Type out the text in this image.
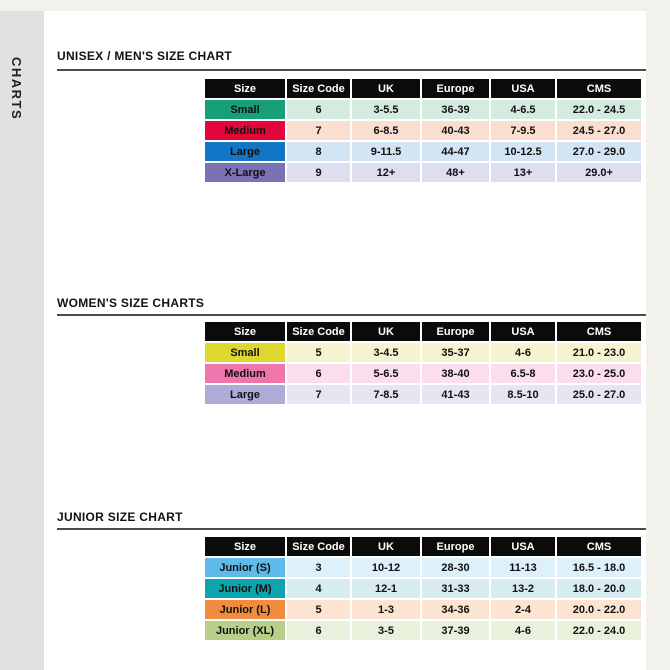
CHARTS
UNISEX / MEN'S SIZE CHART
Size	Size Code	UK	Europe	USA	CMS
Small	6	3-5.5	36-39	4-6.5	22.0 - 24.5
Medium	7	6-8.5	40-43	7-9.5	24.5 - 27.0
Large	8	9-11.5	44-47	10-12.5	27.0 - 29.0
X-Large	9	12+	48+	13+	29.0+
WOMEN'S SIZE CHARTS
Size	Size Code	UK	Europe	USA	CMS
Small	5	3-4.5	35-37	4-6	21.0 - 23.0
Medium	6	5-6.5	38-40	6.5-8	23.0 - 25.0
Large	7	7-8.5	41-43	8.5-10	25.0 - 27.0
JUNIOR SIZE CHART
Size	Size Code	UK	Europe	USA	CMS
Junior (S)	3	10-12	28-30	11-13	16.5 - 18.0
Junior (M)	4	12-1	31-33	13-2	18.0 - 20.0
Junior (L)	5	1-3	34-36	2-4	20.0 - 22.0
Junior (XL)	6	3-5	37-39	4-6	22.0 - 24.0
